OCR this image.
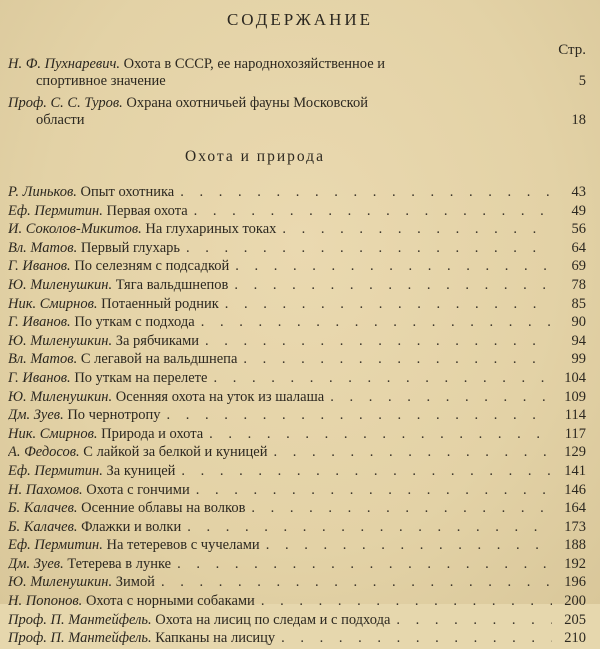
СОДЕРЖАНИЕ
Стр.
Н. Ф. Пухнаревич. Охота в СССР, ее народнохозяйственное и
спортивное значение	5
Проф. С. С. Туров. Охрана охотничьей фауны Московской
области	18
Охота и природа
Р. Линьков. Опыт охотника . . .	43
Еф. Пермитин. Первая охота . . .	49
И. Соколов-Микитов. На глухариных токах . . .	56
Вл. Матов. Первый глухарь . . .	64
Г. Иванов. По селезням с подсадкой . . .	69
Ю. Миленушкин. Тяга вальдшнепов . . .	78
Ник. Смирнов. Потаенный родник . . .	85
Г. Иванов. По уткам с подхода . . .	90
Ю. Миленушкин. За рябчиками . . .	94
Вл. Матов. С легавой на вальдшнепа . . .	99
Г. Иванов. По уткам на перелете . . .	104
Ю. Миленушкин. Осенняя охота на уток из шалаша . . .	109
Дм. Зуев. По чернотропу . . .	114
Ник. Смирнов. Природа и охота . . .	117
А. Федосов. С лайкой за белкой и куницей . . .	129
Еф. Пермитин. За куницей . . .	141
Н. Пахомов. Охота с гончими . . .	146
Б. Калачев. Осенние облавы на волков . . .	164
Б. Калачев. Флажки и волки . . .	173
Еф. Пермитин. На тетеревов с чучелами . . .	188
Дм. Зуев. Тетерева в лунке . . .	192
Ю. Миленушкин. Зимой . . .	196
Н. Попонов. Охота с норными собаками . . .	200
Проф. П. Мантейфель. Охота на лисиц по следам и с подхода . . .	205
Проф. П. Мантейфель. Капканы на лисицу . . .	210
